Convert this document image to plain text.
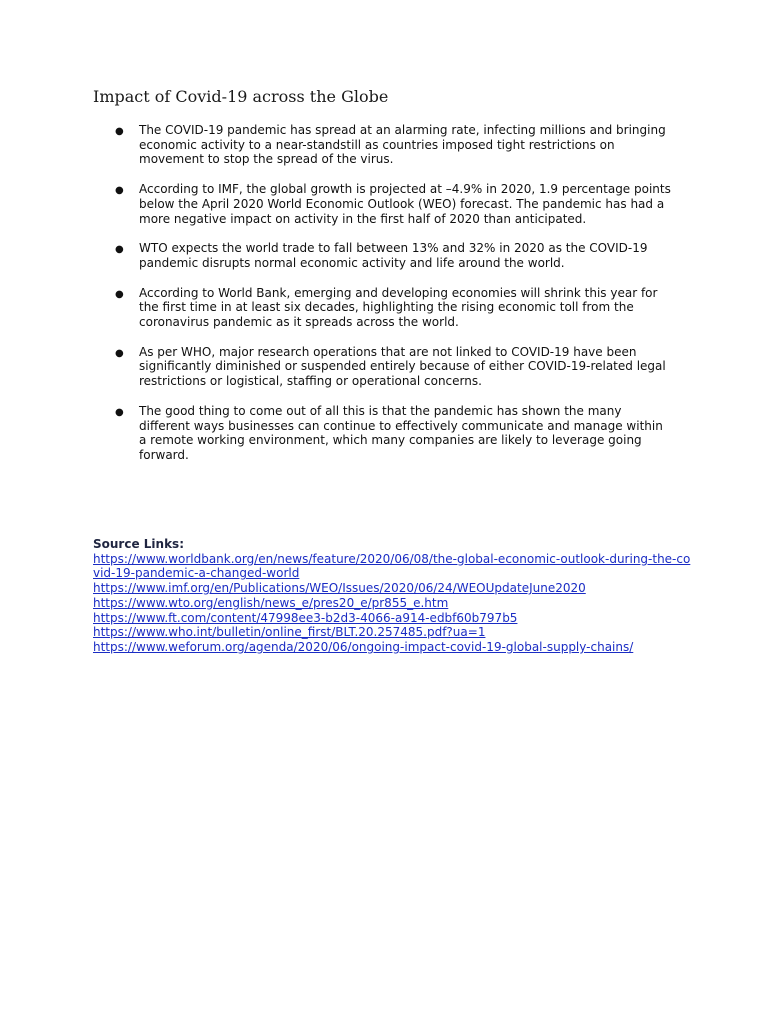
Impact of Covid-19 across the Globe
● The COVID-19 pandemic has spread at an alarming rate, infecting millions and bringing economic activity to a near-standstill as countries imposed tight restrictions on movement to stop the spread of the virus.
● According to IMF, the global growth is projected at –4.9% in 2020, 1.9 percentage points below the April 2020 World Economic Outlook (WEO) forecast. The pandemic has had a more negative impact on activity in the first half of 2020 than anticipated.
● WTO expects the world trade to fall between 13% and 32% in 2020 as the COVID-19 pandemic disrupts normal economic activity and life around the world.
● According to World Bank, emerging and developing economies will shrink this year for the first time in at least six decades, highlighting the rising economic toll from the coronavirus pandemic as it spreads across the world.
● As per WHO, major research operations that are not linked to COVID-19 have been significantly diminished or suspended entirely because of either COVID-19-related legal restrictions or logistical, staffing or operational concerns.
● The good thing to come out of all this is that the pandemic has shown the many different ways businesses can continue to effectively communicate and manage within a remote working environment, which many companies are likely to leverage going forward.

Source Links:

https://www.worldbank.org/en/news/feature/2020/06/08/the-global-economic-outlook-during-the-covid-19-pandemic-a-changed-world
https://www.imf.org/en/Publications/WEO/Issues/2020/06/24/WEOUpdateJune2020
https://www.wto.org/english/news_e/pres20_e/pr855_e.htm
https://www.ft.com/content/47998ee3-b2d3-4066-a914-edbf60b797b5
https://www.who.int/bulletin/online_first/BLT.20.257485.pdf?ua=1
https://www.weforum.org/agenda/2020/06/ongoing-impact-covid-19-global-supply-chains/
